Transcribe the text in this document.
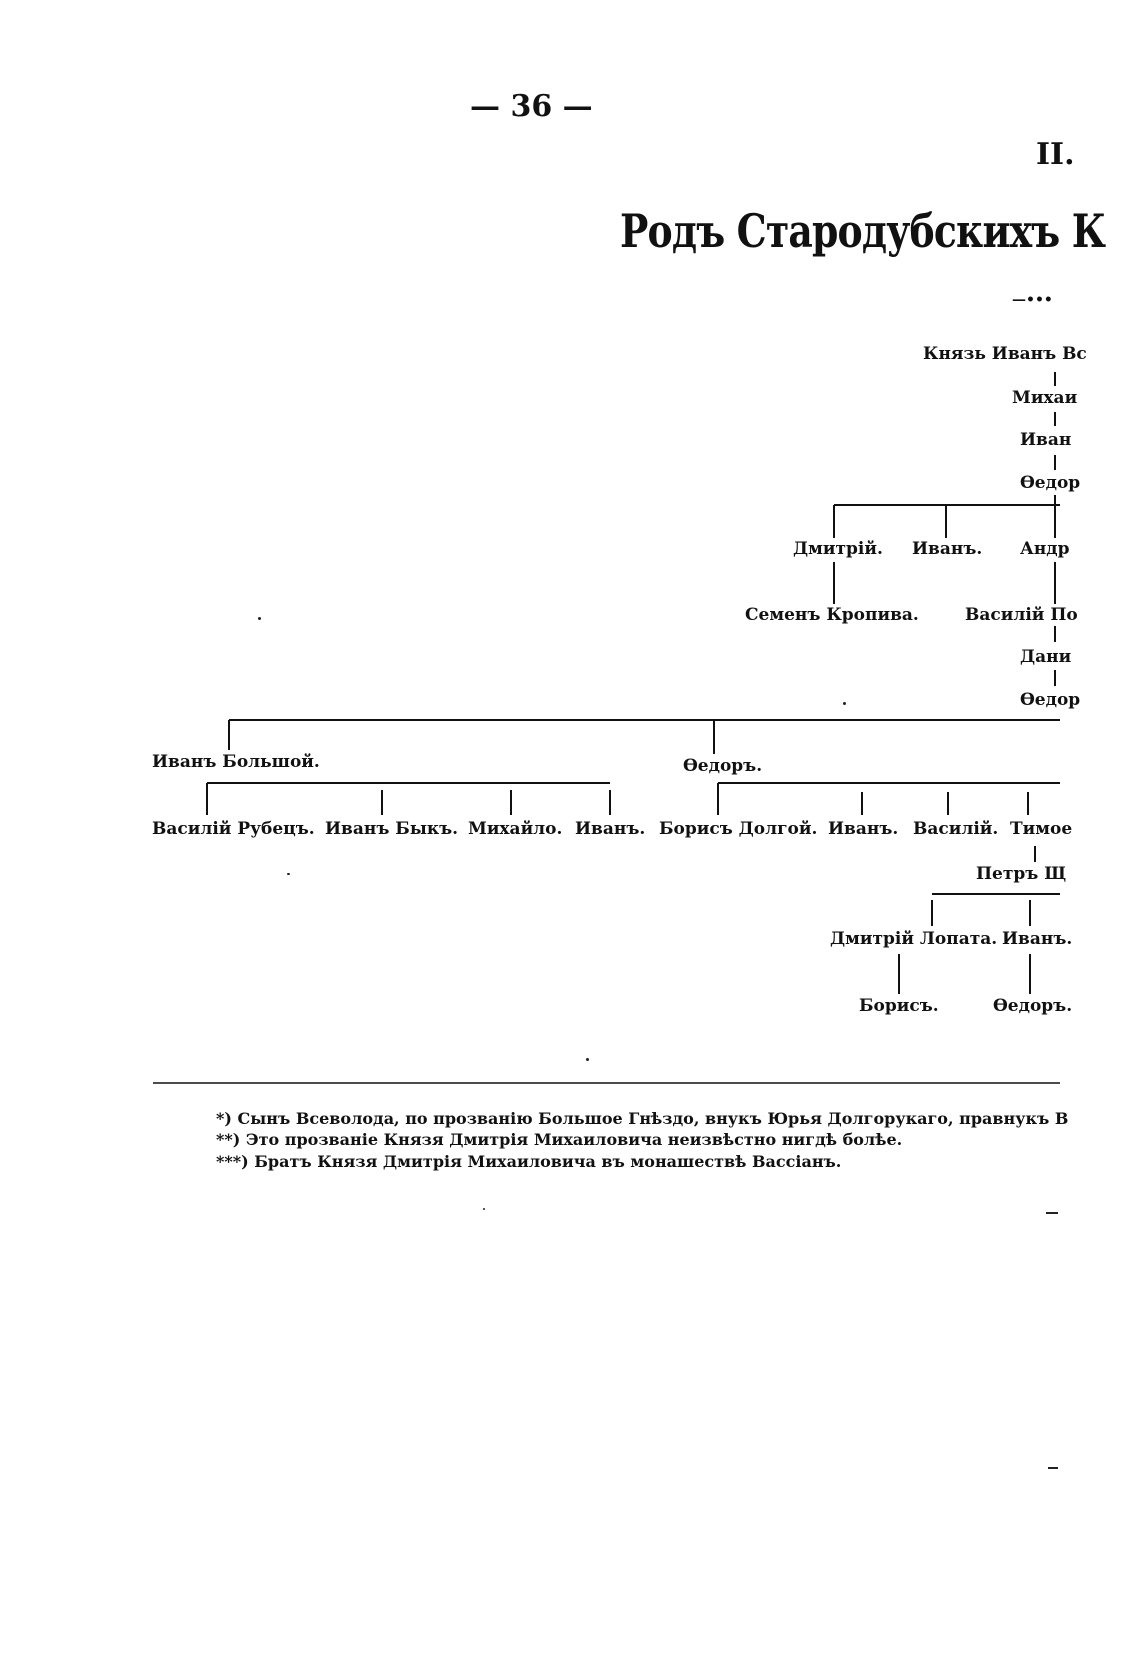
— 36 —
II.
Родъ Стародубскихъ К
—•••
Князь Иванъ Вс
Михаи
Иван
Ѳедор
Дмитрій. Иванъ. Андр
Семенъ Кропива.	Василій По
Дани
Ѳедор
Иванъ Большой.	Ѳедоръ.
Василій Рубецъ. Иванъ Быкъ. Михайло. Иванъ. Борисъ Долгой. Иванъ. Василій. Тимое
Петръ Щ
Дмитрій Лопата. Иванъ.
Борисъ.	Ѳедоръ.
*) Сынъ Всеволода, по прозванію Большое Гнѣздо, внукъ Юрья Долгорукаго, правнукъ В
**) Это прозваніе Князя Дмитрія Михаиловича неизвѣстно нигдѣ болѣе.
***) Братъ Князя Дмитрія Михаиловича въ монашествѣ Вассіанъ.
